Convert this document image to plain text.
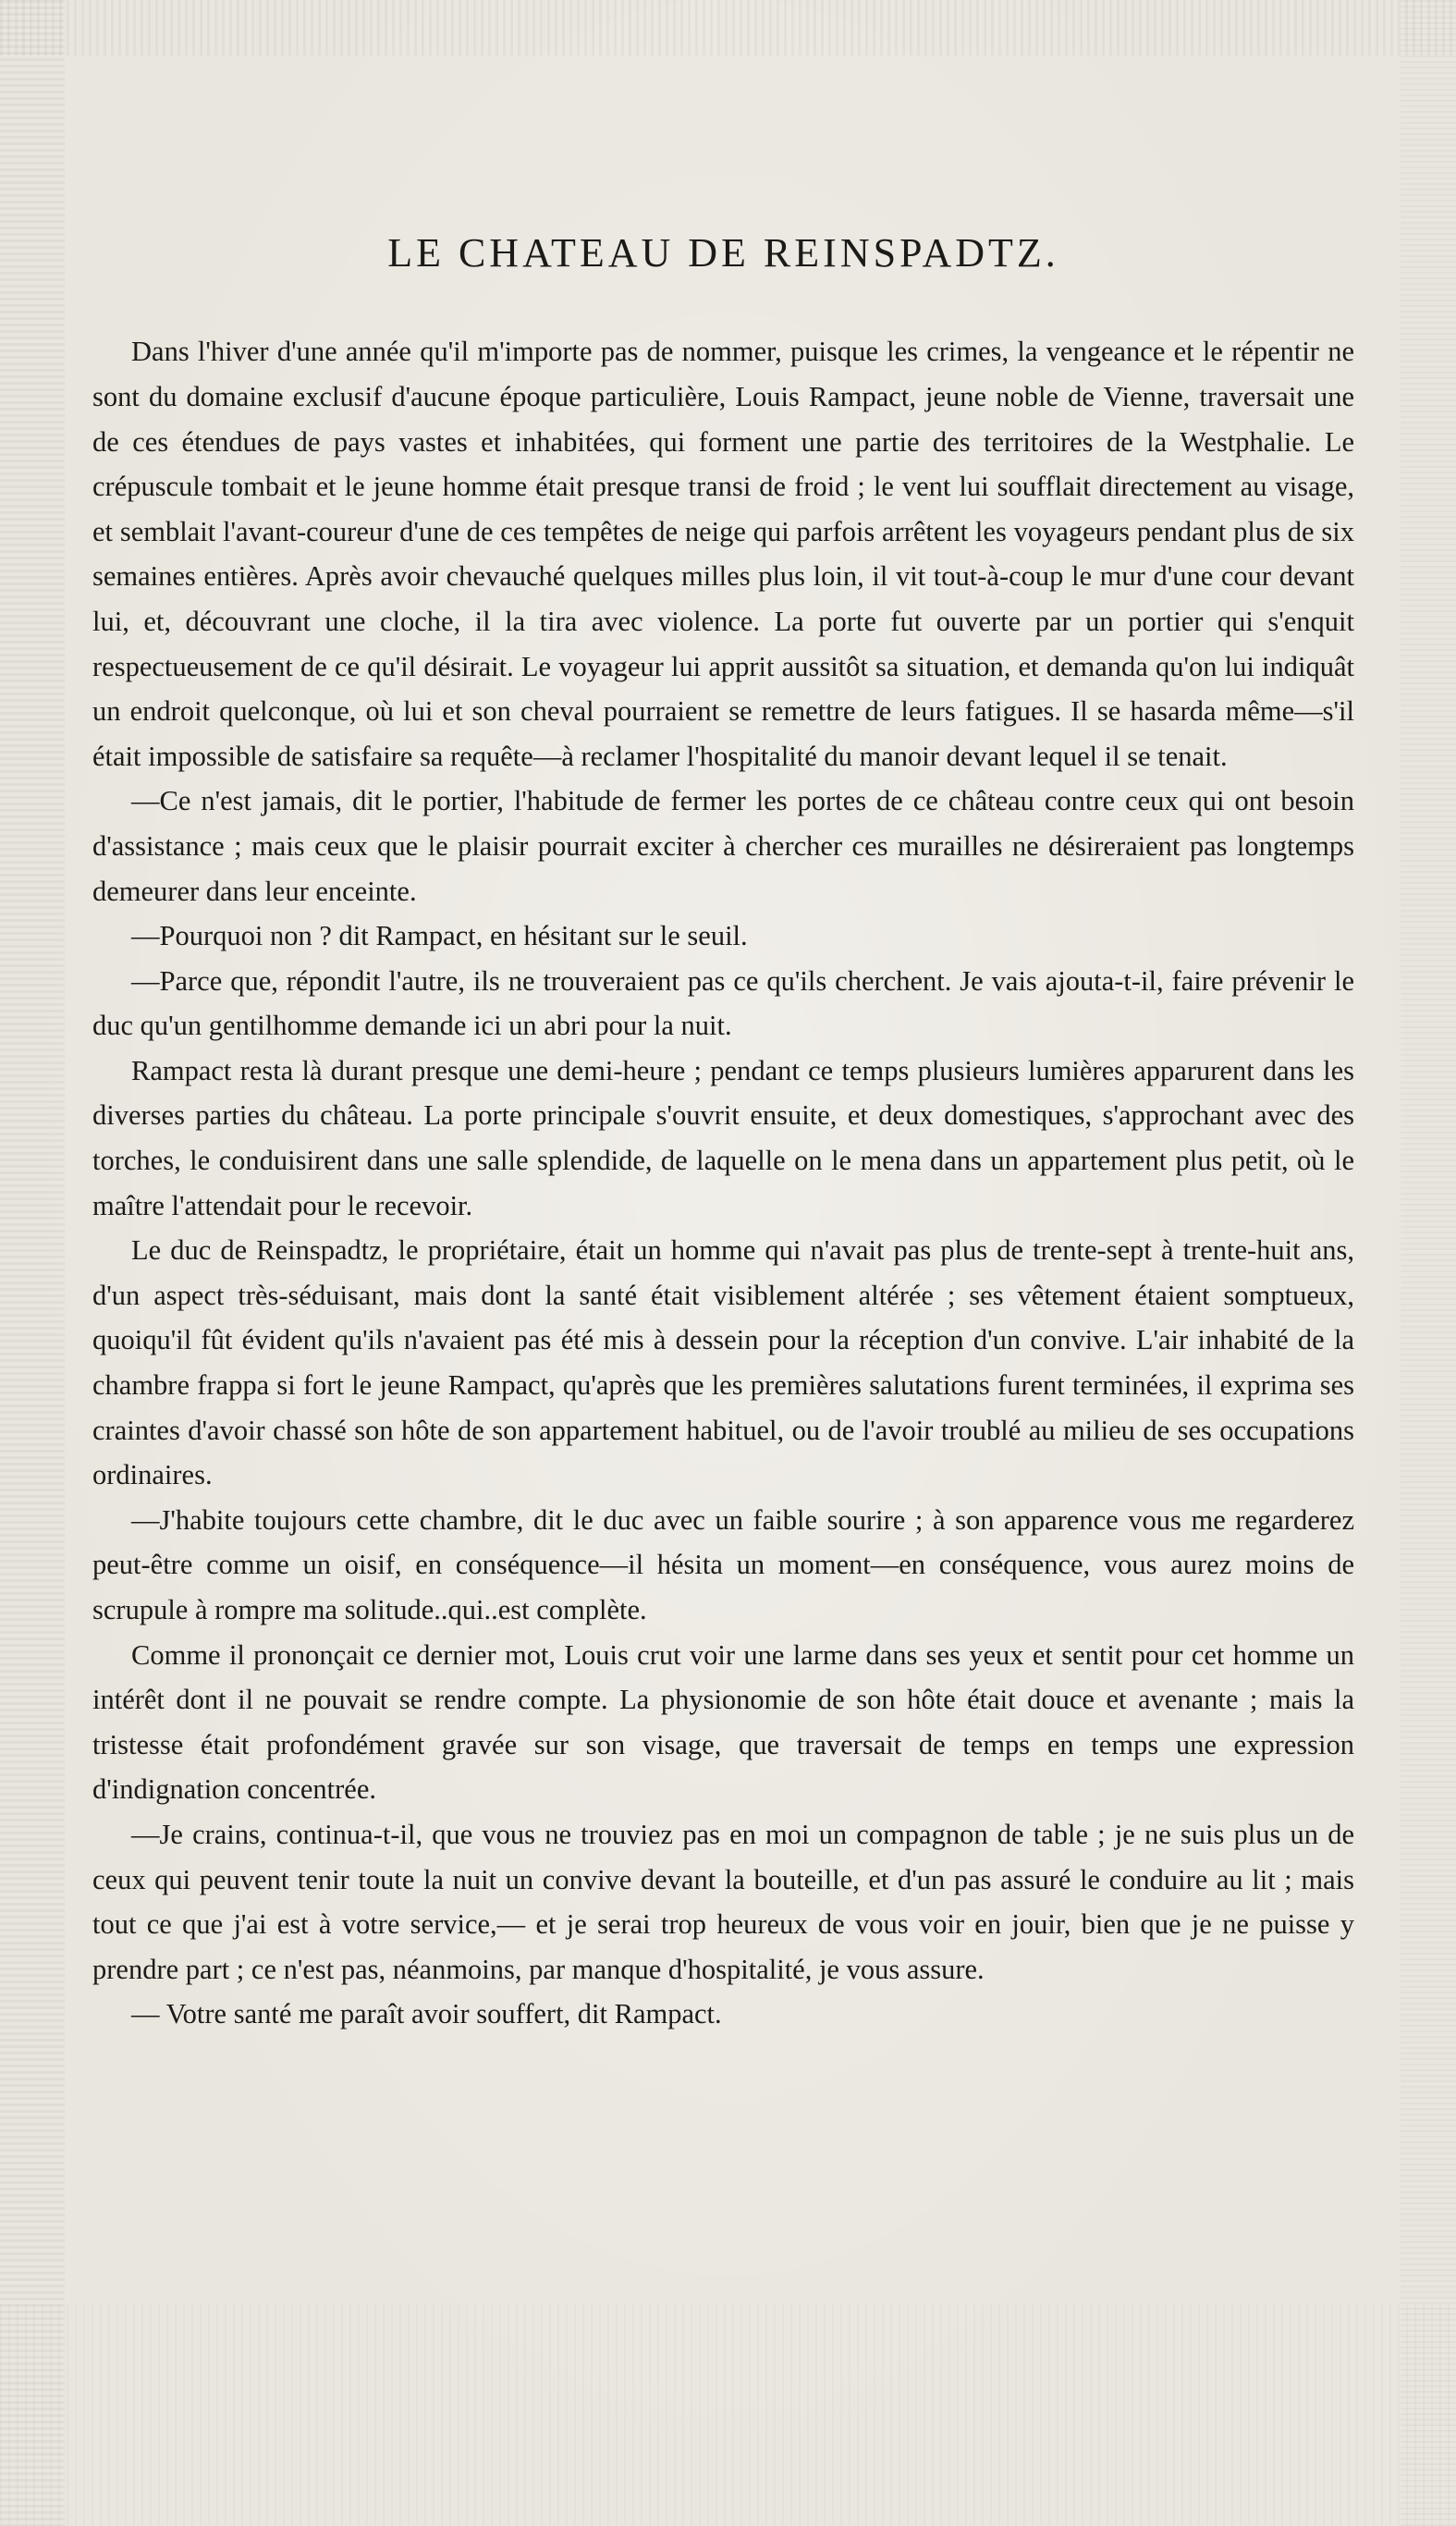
LE CHATEAU DE REINSPADTZ.

Dans l'hiver d'une année qu'il m'importe pas de nommer, puisque les crimes, la vengeance et le répentir ne sont du domaine exclusif d'aucune époque particulière, Louis Rampact, jeune noble de Vienne, traversait une de ces étendues de pays vastes et inhabitées, qui forment une partie des territoires de la Westphalie. Le crépuscule tombait et le jeune homme était presque transi de froid ; le vent lui soufflait directement au visage, et semblait l'avant-coureur d'une de ces tempêtes de neige qui parfois arrêtent les voyageurs pendant plus de six semaines entières. Après avoir chevauché quelques milles plus loin, il vit tout-à-coup le mur d'une cour devant lui, et, découvrant une cloche, il la tira avec violence. La porte fut ouverte par un portier qui s'enquit respectueusement de ce qu'il désirait. Le voyageur lui apprit aussitôt sa situation, et demanda qu'on lui indiquât un endroit quelconque, où lui et son cheval pourraient se remettre de leurs fatigues. Il se hasarda même—s'il était impossible de satisfaire sa requête—à reclamer l'hospitalité du manoir devant lequel il se tenait.

—Ce n'est jamais, dit le portier, l'habitude de fermer les portes de ce château contre ceux qui ont besoin d'assistance ; mais ceux que le plaisir pourrait exciter à chercher ces murailles ne désireraient pas longtemps demeurer dans leur enceinte.

—Pourquoi non ? dit Rampact, en hésitant sur le seuil.

—Parce que, répondit l'autre, ils ne trouveraient pas ce qu'ils cherchent. Je vais ajouta-t-il, faire prévenir le duc qu'un gentilhomme demande ici un abri pour la nuit.

Rampact resta là durant presque une demi-heure ; pendant ce temps plusieurs lumières apparurent dans les diverses parties du château. La porte principale s'ouvrit ensuite, et deux domestiques, s'approchant avec des torches, le conduisirent dans une salle splendide, de laquelle on le mena dans un appartement plus petit, où le maître l'attendait pour le recevoir.

Le duc de Reinspadtz, le propriétaire, était un homme qui n'avait pas plus de trente-sept à trente-huit ans, d'un aspect très-séduisant, mais dont la santé était visiblement altérée ; ses vêtement étaient somptueux, quoiqu'il fût évident qu'ils n'avaient pas été mis à dessein pour la réception d'un convive. L'air inhabité de la chambre frappa si fort le jeune Rampact, qu'après que les premières salutations furent terminées, il exprima ses craintes d'avoir chassé son hôte de son appartement habituel, ou de l'avoir troublé au milieu de ses occupations ordinaires.

—J'habite toujours cette chambre, dit le duc avec un faible sourire ; à son apparence vous me regarderez peut-être comme un oisif, en conséquence—il hésita un moment—en conséquence, vous aurez moins de scrupule à rompre ma solitude..qui..est complète.

Comme il prononçait ce dernier mot, Louis crut voir une larme dans ses yeux et sentit pour cet homme un intérêt dont il ne pouvait se rendre compte. La physionomie de son hôte était douce et avenante ; mais la tristesse était profondément gravée sur son visage, que traversait de temps en temps une expression d'indignation concentrée.

—Je crains, continua-t-il, que vous ne trouviez pas en moi un compagnon de table ; je ne suis plus un de ceux qui peuvent tenir toute la nuit un convive devant la bouteille, et d'un pas assuré le conduire au lit ; mais tout ce que j'ai est à votre service,— et je serai trop heureux de vous voir en jouir, bien que je ne puisse y prendre part ; ce n'est pas, néanmoins, par manque d'hospitalité, je vous assure.

— Votre santé me paraît avoir souffert, dit Rampact.
